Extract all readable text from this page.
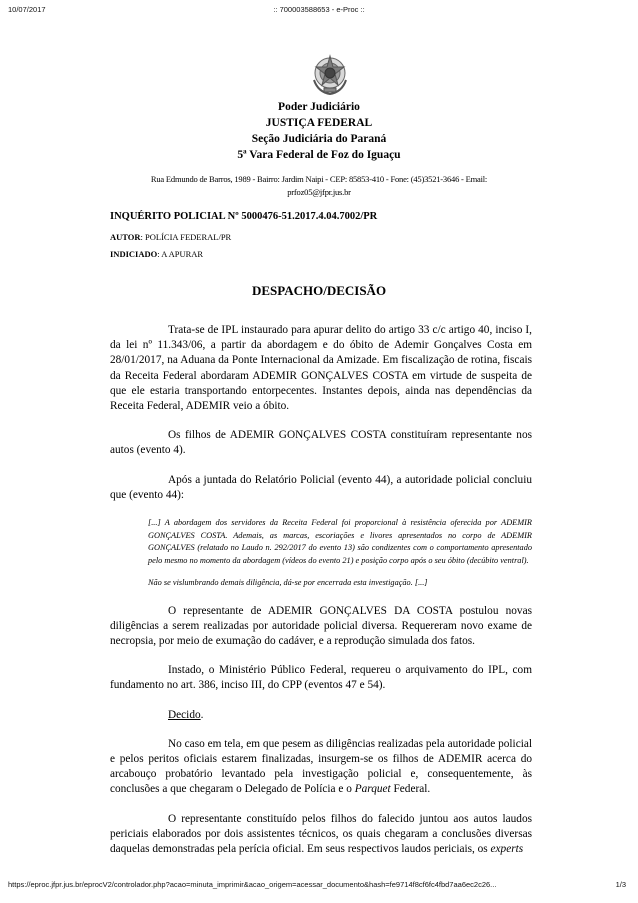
10/07/2017	:: 700003588653 - e-Proc ::
Poder Judiciário
JUSTIÇA FEDERAL
Seção Judiciária do Paraná
5ª Vara Federal de Foz do Iguaçu
Rua Edmundo de Barros, 1989 - Bairro: Jardim Naipi - CEP: 85853-410 - Fone: (45)3521-3646 - Email:
prfoz05@jfpr.jus.br
INQUÉRITO POLICIAL Nº 5000476-51.2017.4.04.7002/PR
AUTOR: POLÍCIA FEDERAL/PR
INDICIADO: A APURAR
DESPACHO/DECISÃO

Trata-se de IPL instaurado para apurar delito do artigo 33 c/c artigo 40, inciso I, da lei nº 11.343/06, a partir da abordagem e do óbito de Ademir Gonçalves Costa em 28/01/2017, na Aduana da Ponte Internacional da Amizade. Em fiscalização de rotina, fiscais da Receita Federal abordaram ADEMIR GONÇALVES COSTA em virtude de suspeita de que ele estaria transportando entorpecentes. Instantes depois, ainda nas dependências da Receita Federal, ADEMIR veio a óbito.

Os filhos de ADEMIR GONÇALVES COSTA constituíram representante nos autos (evento 4).

Após a juntada do Relatório Policial (evento 44), a autoridade policial concluiu que (evento 44):

[...] A abordagem dos servidores da Receita Federal foi proporcional à resistência oferecida por ADEMIR GONÇALVES COSTA. Ademais, as marcas, escoriações e livores apresentados no corpo de ADEMIR GONÇALVES (relatado no Laudo n. 292/2017 do evento 13) são condizentes com o comportamento apresentado pelo mesmo no momento da abordagem (vídeos do evento 21) e posição corpo após o seu óbito (decúbito ventral).

Não se vislumbrando demais diligência, dá-se por encerrada esta investigação. [...]

O representante de ADEMIR GONÇALVES DA COSTA postulou novas diligências a serem realizadas por autoridade policial diversa. Requereram novo exame de necropsia, por meio de exumação do cadáver, e a reprodução simulada dos fatos.

Instado, o Ministério Público Federal, requereu o arquivamento do IPL, com fundamento no art. 386, inciso III, do CPP (eventos 47 e 54).

Decido.

No caso em tela, em que pesem as diligências realizadas pela autoridade policial e pelos peritos oficiais estarem finalizadas, insurgem-se os filhos de ADEMIR acerca do arcabouço probatório levantado pela investigação policial e, consequentemente, às conclusões a que chegaram o Delegado de Polícia e o Parquet Federal.

O representante constituído pelos filhos do falecido juntou aos autos laudos periciais elaborados por dois assistentes técnicos, os quais chegaram a conclusões diversas daquelas demonstradas pela perícia oficial. Em seus respectivos laudos periciais, os experts

https://eproc.jfpr.jus.br/eprocV2/controlador.php?acao=minuta_imprimir&acao_origem=acessar_documento&hash=fe9714f8cf6fc4fbd7aa6ec2c26...	1/3
